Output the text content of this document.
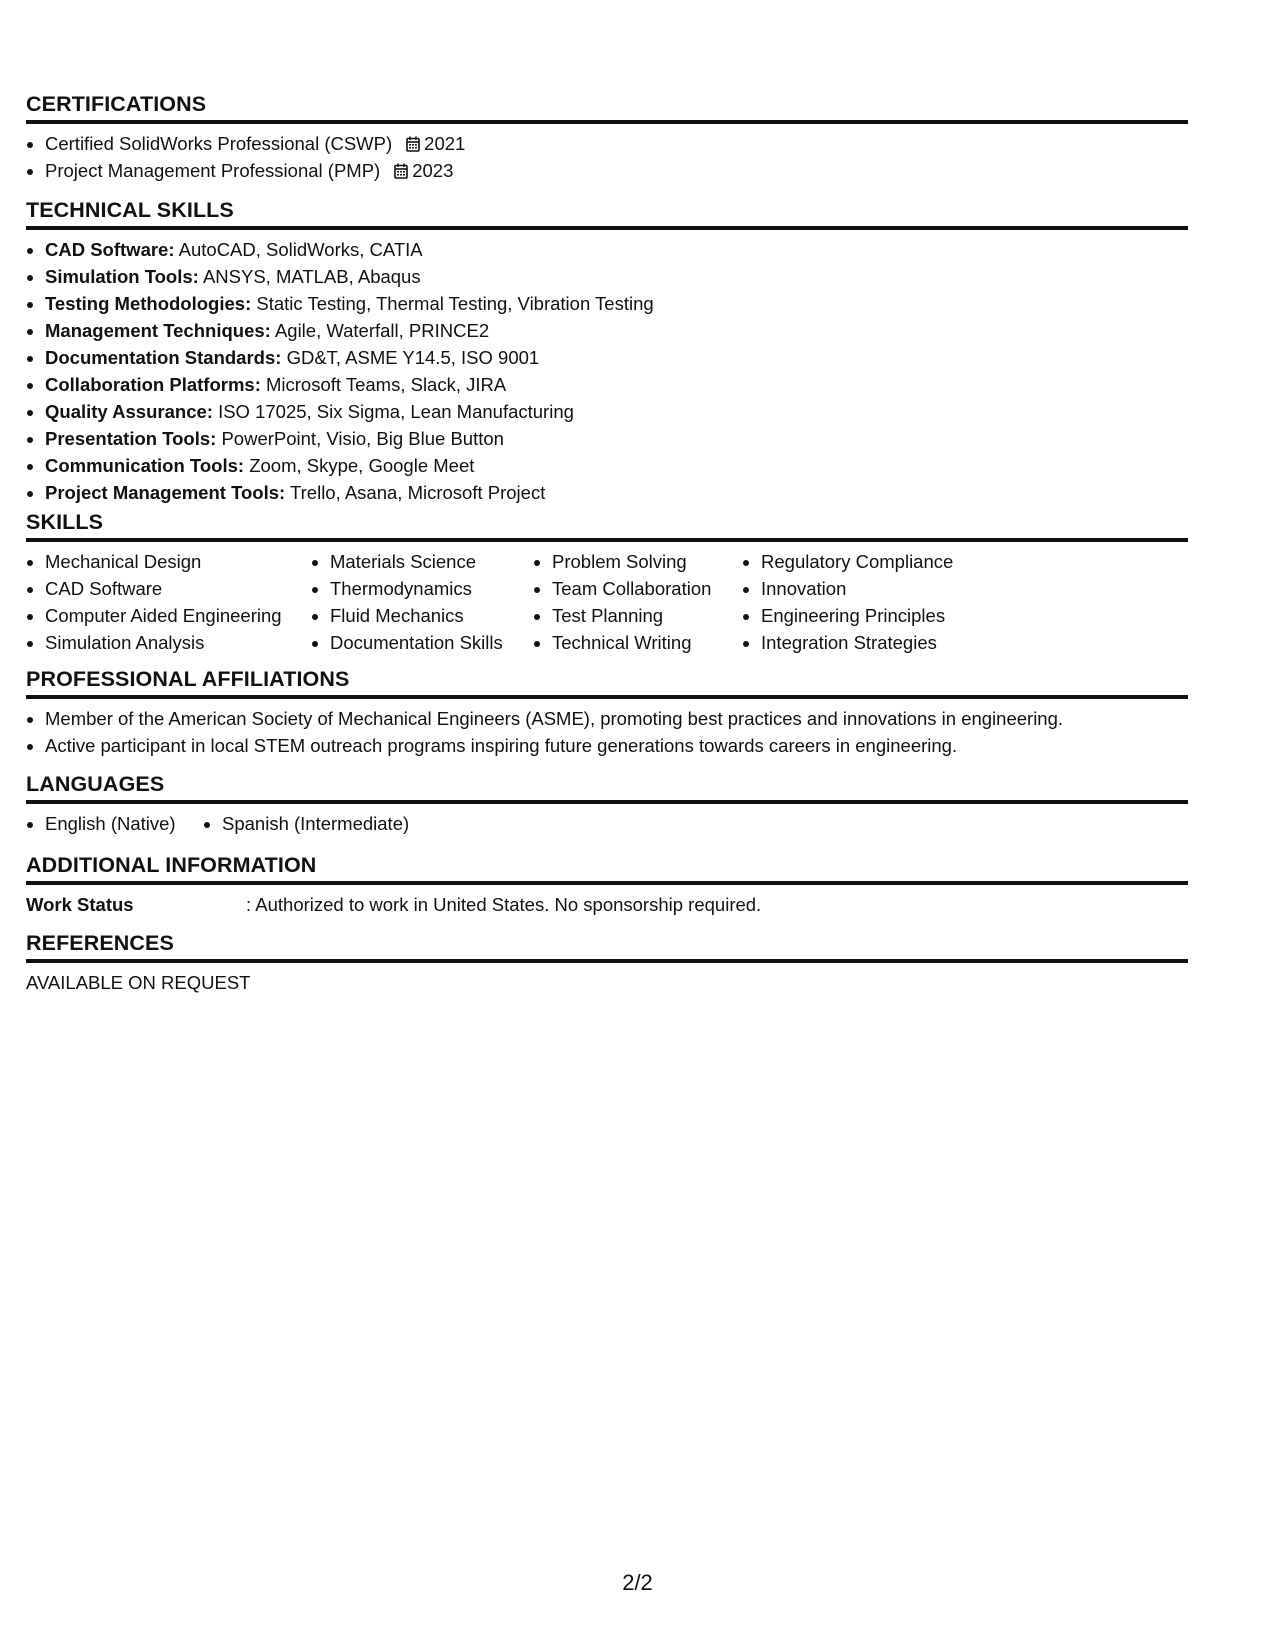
CERTIFICATIONS
• Certified SolidWorks Professional (CSWP) 2021
• Project Management Professional (PMP) 2023
TECHNICAL SKILLS
• CAD Software: AutoCAD, SolidWorks, CATIA
• Simulation Tools: ANSYS, MATLAB, Abaqus
• Testing Methodologies: Static Testing, Thermal Testing, Vibration Testing
• Management Techniques: Agile, Waterfall, PRINCE2
• Documentation Standards: GD&T, ASME Y14.5, ISO 9001
• Collaboration Platforms: Microsoft Teams, Slack, JIRA
• Quality Assurance: ISO 17025, Six Sigma, Lean Manufacturing
• Presentation Tools: PowerPoint, Visio, Big Blue Button
• Communication Tools: Zoom, Skype, Google Meet
• Project Management Tools: Trello, Asana, Microsoft Project
SKILLS
• Mechanical Design
• CAD Software
• Computer Aided Engineering
• Simulation Analysis
• Materials Science
• Thermodynamics
• Fluid Mechanics
• Documentation Skills
• Problem Solving
• Team Collaboration
• Test Planning
• Technical Writing
• Regulatory Compliance
• Innovation
• Engineering Principles
• Integration Strategies
PROFESSIONAL AFFILIATIONS
• Member of the American Society of Mechanical Engineers (ASME), promoting best practices and innovations in engineering.
• Active participant in local STEM outreach programs inspiring future generations towards careers in engineering.
LANGUAGES
• English (Native)
•	Spanish (Intermediate)
ADDITIONAL INFORMATION
Work Status	: Authorized to work in United States. No sponsorship required.
REFERENCES
AVAILABLE ON REQUEST
2/2
